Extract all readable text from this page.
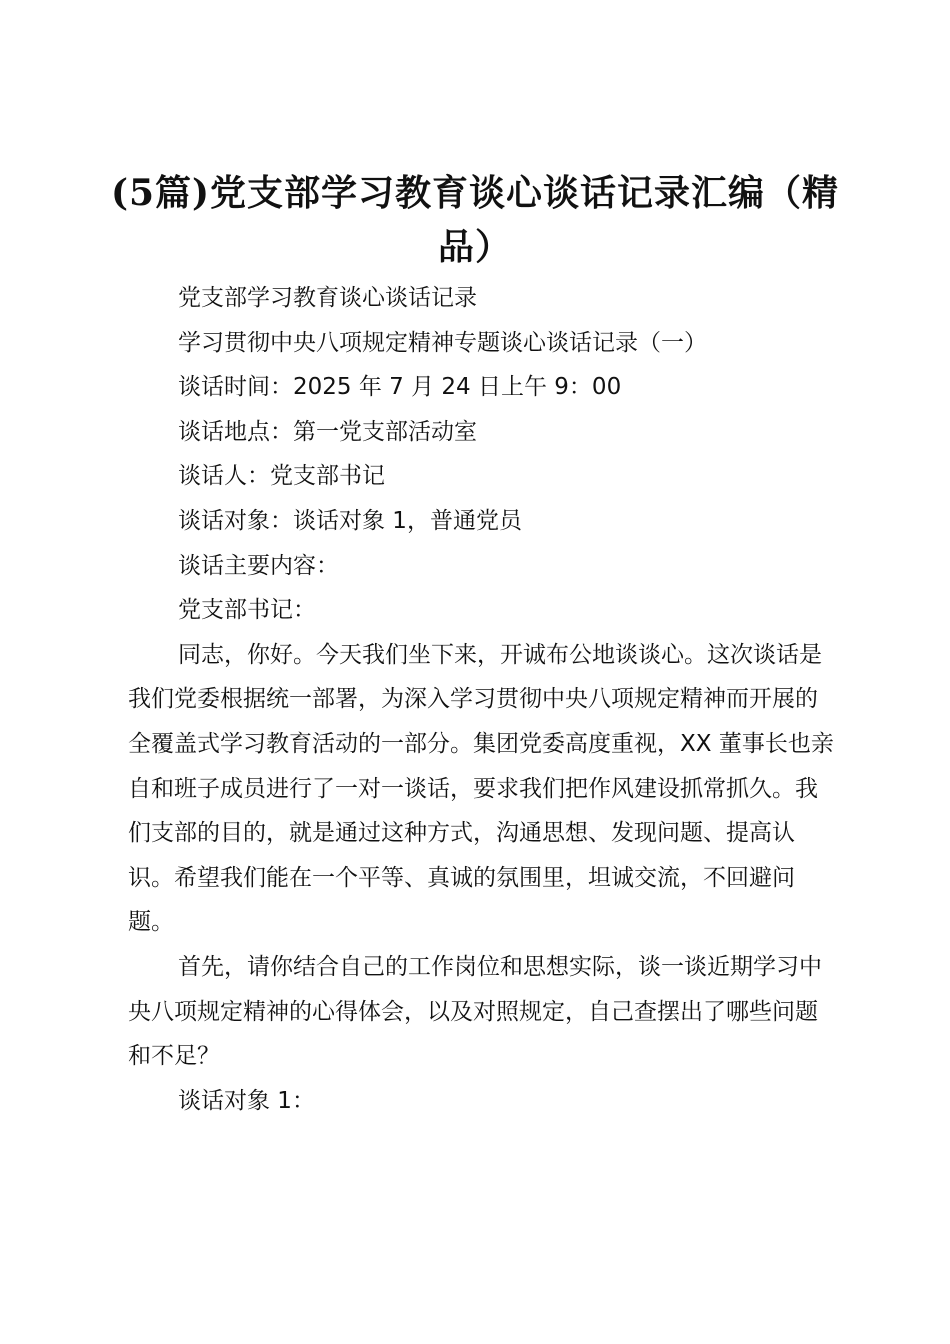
(5篇)党支部学习教育谈心谈话记录汇编（精品）

党支部学习教育谈心谈话记录

学习贯彻中央八项规定精神专题谈心谈话记录（一）

谈话时间：2025 年 7 月 24 日上午 9：00

谈话地点：第一党支部活动室

谈话人：党支部书记

谈话对象：谈话对象 1，普通党员

谈话主要内容：

党支部书记：

同志，你好。今天我们坐下来，开诚布公地谈谈心。这次谈话是我们党委根据统一部署，为深入学习贯彻中央八项规定精神而开展的全覆盖式学习教育活动的一部分。集团党委高度重视，XX 董事长也亲自和班子成员进行了一对一谈话，要求我们把作风建设抓常抓久。我们支部的目的，就是通过这种方式，沟通思想、发现问题、提高认识。希望我们能在一个平等、真诚的氛围里，坦诚交流，不回避问题。

首先，请你结合自己的工作岗位和思想实际，谈一谈近期学习中央八项规定精神的心得体会，以及对照规定，自己查摆出了哪些问题和不足？

谈话对象 1：
